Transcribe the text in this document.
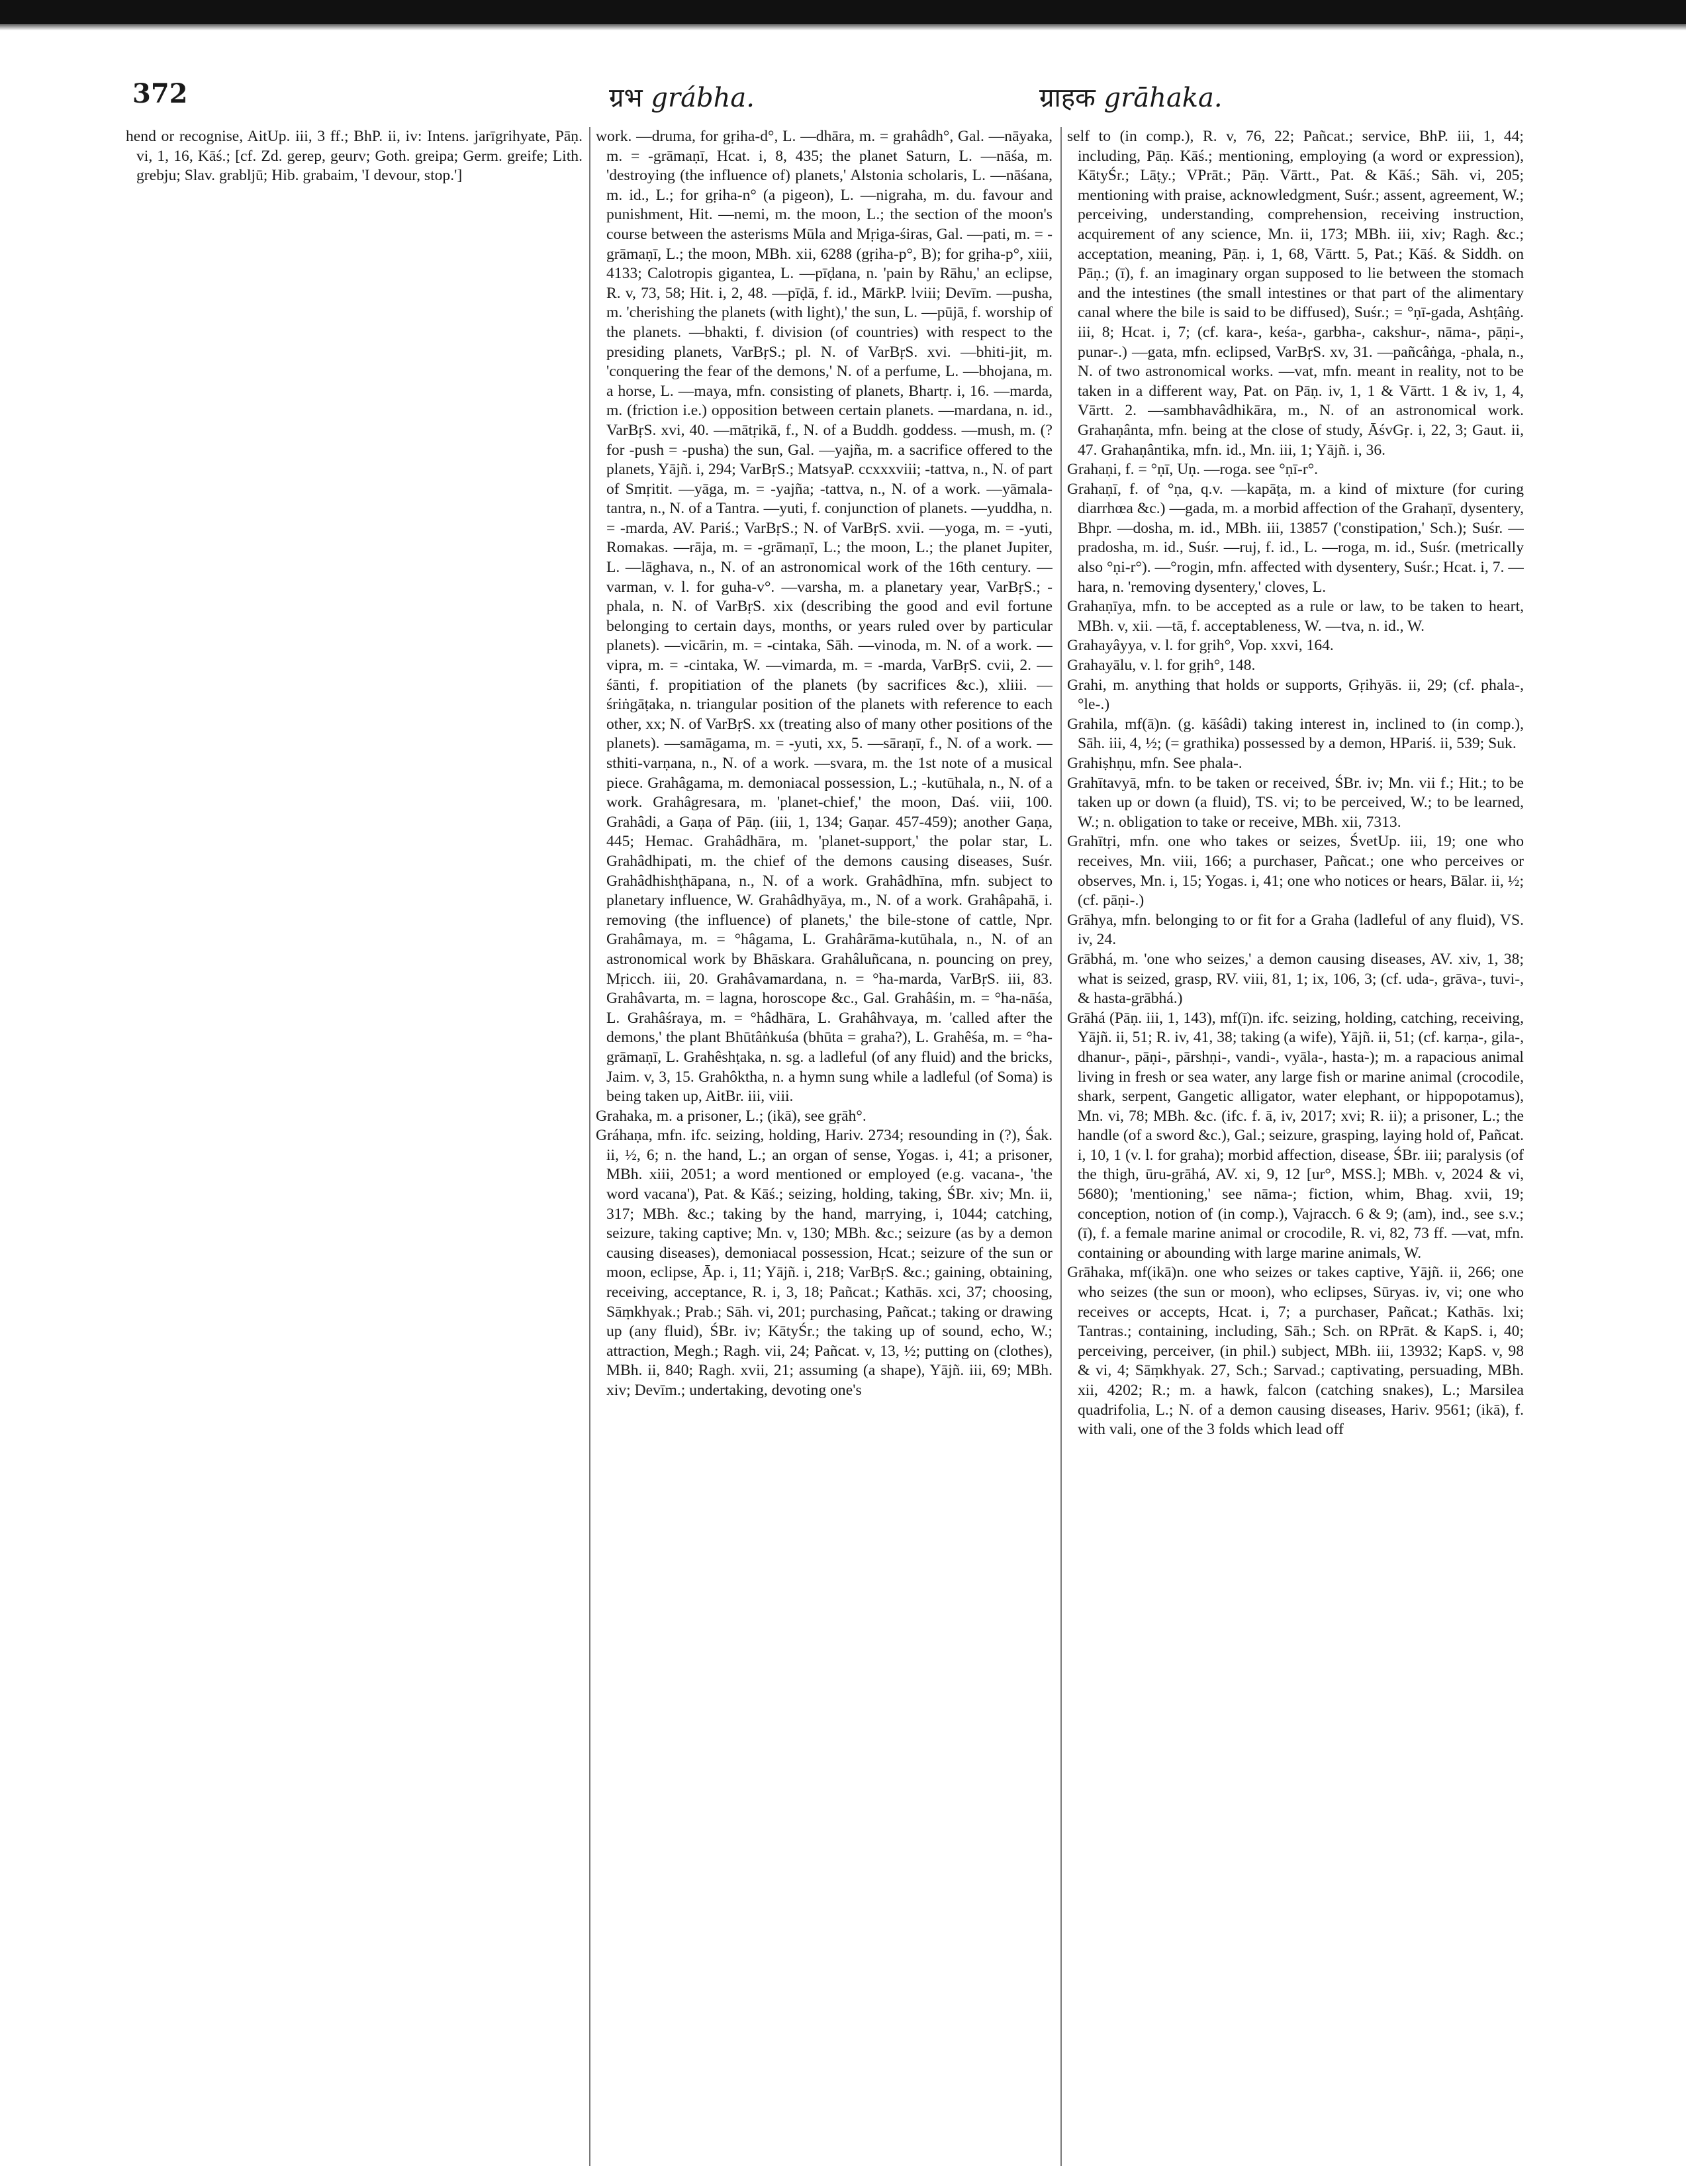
372	ग्रभ grábha.	ग्राहक grāhaka.

hend or recognise, AitUp. iii, 3 ff.; BhP. ii, iv: Intens. jarīgrihyate, Pāṇ. vi, 1, 16, Kāś.; [cf. Zd. gerep, geurv; Goth. greipa; Germ. greife; Lith. grebju; Slav. grabljū; Hib. grabaim, 'I devour, stop.']

work. —druma, for gṛiha-d°, L. —dhāra, m. = grahâdh°, Gal. —nāyaka, m. = -grāmaṇī, Hcat. i, 8, 435; the planet Saturn, L. —nāśa, m. 'destroying (the influence of) planets,' Alstonia scholaris, L. —nāśana, m. id., L.; for gṛiha-n° (a pigeon), L. —nigraha, m. du. favour and punishment, Hit. —nemi, m. the moon, L.; the section of the moon's course between the asterisms Mūla and Mṛiga-śiras, Gal. —pati, m. = -grāmaṇī, L.; the moon, MBh. xii, 6288 (gṛiha-p°, B); for gṛiha-p°, xiii, 4133; Calotropis gigantea, L. —pīḍana, n. 'pain by Rāhu,' an eclipse, R. v, 73, 58; Hit. i, 2, 48. —pīḍā, f. id., MārkP. lviii; Devīm. —pusha, m. 'cherishing the planets (with light),' the sun, L. —pūjā, f. worship of the planets. —bhakti, f. division (of countries) with respect to the presiding planets, VarBṛS.; pl. N. of VarBṛS. xvi. —bhiti-jit, m. 'conquering the fear of the demons,' N. of a perfume, L. —bhojana, m. a horse, L. —maya, mfn. consisting of planets, Bhartṛ. i, 16. —marda, m. (friction i.e.) opposition between certain planets. —mardana, n. id., VarBṛS. xvi, 40. —mātṛikā, f., N. of a Buddh. goddess. —mush, m. (? for -push = -pusha) the sun, Gal. —yajña, m. a sacrifice offered to the planets, Yājñ. i, 294; VarBṛS.; MatsyaP. ccxxxviii; -tattva, n., N. of part of Smṛitit. —yāga, m. = -yajña; -tattva, n., N. of a work. —yāmala-tantra, n., N. of a Tantra. —yuti, f. conjunction of planets. —yuddha, n. = -marda, AV. Pariś.; VarBṛS.; N. of VarBṛS. xvii. —yoga, m. = -yuti, Romakas. —rāja, m. = -grāmaṇī, L.; the moon, L.; the planet Jupiter, L. —lāghava, n., N. of an astronomical work of the 16th century. —varman, v. l. for guha-v°. —varsha, m. a planetary year, VarBṛS.; -phala, n. N. of VarBṛS. xix (describing the good and evil fortune belonging to certain days, months, or years ruled over by particular planets). —vicārin, m. = -cintaka, Sāh. —vinoda, m. N. of a work. —vipra, m. = -cintaka, W. —vimarda, m. = -marda, VarBṛS. cvii, 2. —śānti, f. propitiation of the planets (by sacrifices &c.), xliii. —śriṅgāṭaka, n. triangular position of the planets with reference to each other, xx; N. of VarBṛS. xx (treating also of many other positions of the planets). —samāgama, m. = -yuti, xx, 5. —sāraṇī, f., N. of a work. —sthiti-varṇana, n., N. of a work. —svara, m. the 1st note of a musical piece. Grahâgama, m. demoniacal possession, L.; -kutūhala, n., N. of a work. Grahâgresara, m. 'planet-chief,' the moon, Daś. viii, 100. Grahâdi, a Gaṇa of Pāṇ. (iii, 1, 134; Gaṇar. 457-459); another Gaṇa, 445; Hemac. Grahâdhāra, m. 'planet-support,' the polar star, L. Grahâdhipati, m. the chief of the demons causing diseases, Suśr. Grahâdhishṭhāpana, n., N. of a work. Grahâdhīna, mfn. subject to planetary influence, W. Grahâdhyāya, m., N. of a work. Grahâpahā, i. removing (the influence) of planets,' the bile-stone of cattle, Npr. Grahâmaya, m. = °hâgama, L. Grahârāma-kutūhala, n., N. of an astronomical work by Bhāskara. Grahâluñcana, n. pouncing on prey, Mṛicch. iii, 20. Grahâvamardana, n. = °ha-marda, VarBṛS. iii, 83. Grahâvarta, m. = lagna, horoscope &c., Gal. Grahâśin, m. = °ha-nāśa, L. Grahâśraya, m. = °hâdhāra, L. Grahâhvaya, m. 'called after the demons,' the plant Bhūtâṅkuśa (bhūta = graha?), L. Grahêśa, m. = °ha-grāmaṇī, L. Grahêshṭaka, n. sg. a ladleful (of any fluid) and the bricks, Jaim. v, 3, 15. Grahôktha, n. a hymn sung while a ladleful (of Soma) is being taken up, AitBr. iii, viii.

Grahaka, m. a prisoner, L.; (ikā), see gṛāh°.

Gráhaṇa, mfn. ifc. seizing, holding, Hariv. 2734; resounding in (?), Śak. ii, ½, 6; n. the hand, L.; an organ of sense, Yogas. i, 41; a prisoner, MBh. xiii, 2051; a word mentioned or employed (e.g. vacana-, 'the word vacana'), Pat. & Kāś.; seizing, holding, taking, ŚBr. xiv; Mn. ii, 317; MBh. &c.; taking by the hand, marrying, i, 1044; catching, seizure, taking captive; Mn. v, 130; MBh. &c.; seizure (as by a demon causing diseases), demoniacal possession, Hcat.; seizure of the sun or moon, eclipse, Āp. i, 11; Yājñ. i, 218; VarBṛS. &c.; gaining, obtaining, receiving, acceptance, R. i, 3, 18; Pañcat.; Kathās. xci, 37; choosing, Sāṃkhyak.; Prab.; Sāh. vi, 201; purchasing, Pañcat.; taking or drawing up (any fluid), ŚBr. iv; KātyŚr.; the taking up of sound, echo, W.; attraction, Megh.; Ragh. vii, 24; Pañcat. v, 13, ½; putting on (clothes), MBh. ii, 840; Ragh. xvii, 21; assuming (a shape), Yājñ. iii, 69; MBh. xiv; Devīm.; undertaking, devoting one's

self to (in comp.), R. v, 76, 22; Pañcat.; service, BhP. iii, 1, 44; including, Pāṇ. Kāś.; mentioning, employing (a word or expression), KātyŚr.; Lāṭy.; VPrāt.; Pāṇ. Vārtt., Pat. & Kāś.; Sāh. vi, 205; mentioning with praise, acknowledgment, Suśr.; assent, agreement, W.; perceiving, understanding, comprehension, receiving instruction, acquirement of any science, Mn. ii, 173; MBh. iii, xiv; Ragh. &c.; acceptation, meaning, Pāṇ. i, 1, 68, Vārtt. 5, Pat.; Kāś. & Siddh. on Pāṇ.; (ī), f. an imaginary organ supposed to lie between the stomach and the intestines (the small intestines or that part of the alimentary canal where the bile is said to be diffused), Suśr.; = °ṇī-gada, Ashṭâṅg. iii, 8; Hcat. i, 7; (cf. kara-, keśa-, garbha-, cakshur-, nāma-, pāṇi-, punar-.) —gata, mfn. eclipsed, VarBṛS. xv, 31. —pañcâṅga, -phala, n., N. of two astronomical works. —vat, mfn. meant in reality, not to be taken in a different way, Pat. on Pāṇ. iv, 1, 1 & Vārtt. 1 & iv, 1, 4, Vārtt. 2. —sambhavâdhikāra, m., N. of an astronomical work. Grahaṇânta, mfn. being at the close of study, ĀśvGṛ. i, 22, 3; Gaut. ii, 47. Grahaṇântika, mfn. id., Mn. iii, 1; Yājñ. i, 36.

Grahaṇi, f. = °ṇī, Uṇ. —roga. see °ṇī-r°.

Grahaṇī, f. of °ṇa, q.v. —kapāṭa, m. a kind of mixture (for curing diarrhœa &c.) —gada, m. a morbid affection of the Grahaṇī, dysentery, Bhpr. —dosha, m. id., MBh. iii, 13857 ('constipation,' Sch.); Suśr. —pradosha, m. id., Suśr. —ruj, f. id., L. —roga, m. id., Suśr. (metrically also °ṇi-r°). —°rogin, mfn. affected with dysentery, Suśr.; Hcat. i, 7. —hara, n. 'removing dysentery,' cloves, L.

Grahaṇīya, mfn. to be accepted as a rule or law, to be taken to heart, MBh. v, xii. —tā, f. acceptableness, W. —tva, n. id., W.

Grahayâyya, v. l. for gṛih°, Vop. xxvi, 164.

Grahayālu, v. l. for gṛih°, 148.

Grahi, m. anything that holds or supports, Gṛihyās. ii, 29; (cf. phala-, °le-.)

Grahila, mf(ā)n. (g. kāśâdi) taking interest in, inclined to (in comp.), Sāh. iii, 4, ½; (= grathika) possessed by a demon, HPariś. ii, 539; Suk.

Grahiṣhṇu, mfn. See phala-.

Grahītavyā, mfn. to be taken or received, ŚBr. iv; Mn. vii f.; Hit.; to be taken up or down (a fluid), TS. vi; to be perceived, W.; to be learned, W.; n. obligation to take or receive, MBh. xii, 7313.

Grahītṛi, mfn. one who takes or seizes, ŚvetUp. iii, 19; one who receives, Mn. viii, 166; a purchaser, Pañcat.; one who perceives or observes, Mn. i, 15; Yogas. i, 41; one who notices or hears, Bālar. ii, ½; (cf. pāṇi-.)

Grāhya, mfn. belonging to or fit for a Graha (ladleful of any fluid), VS. iv, 24.

Grābhá, m. 'one who seizes,' a demon causing diseases, AV. xiv, 1, 38; what is seized, grasp, RV. viii, 81, 1; ix, 106, 3; (cf. uda-, grāva-, tuvi-, & hasta-grābhá.)

Grāhá (Pāṇ. iii, 1, 143), mf(ī)n. ifc. seizing, holding, catching, receiving, Yājñ. ii, 51; R. iv, 41, 38; taking (a wife), Yājñ. ii, 51; (cf. karṇa-, gila-, dhanur-, pāṇi-, pārshṇi-, vandi-, vyāla-, hasta-); m. a rapacious animal living in fresh or sea water, any large fish or marine animal (crocodile, shark, serpent, Gangetic alligator, water elephant, or hippopotamus), Mn. vi, 78; MBh. &c. (ifc. f. ā, iv, 2017; xvi; R. ii); a prisoner, L.; the handle (of a sword &c.), Gal.; seizure, grasping, laying hold of, Pañcat. i, 10, 1 (v. l. for graha); morbid affection, disease, ŚBr. iii; paralysis (of the thigh, ūru-grāhá, AV. xi, 9, 12 [ur°, MSS.]; MBh. v, 2024 & vi, 5680); 'mentioning,' see nāma-; fiction, whim, Bhag. xvii, 19; conception, notion of (in comp.), Vajracch. 6 & 9; (am), ind., see s.v.; (ī), f. a female marine animal or crocodile, R. vi, 82, 73 ff. —vat, mfn. containing or abounding with large marine animals, W.

Grāhaka, mf(ikā)n. one who seizes or takes captive, Yājñ. ii, 266; one who seizes (the sun or moon), who eclipses, Sūryas. iv, vi; one who receives or accepts, Hcat. i, 7; a purchaser, Pañcat.; Kathās. lxi; Tantras.; containing, including, Sāh.; Sch. on RPrāt. & KapS. i, 40; perceiving, perceiver, (in phil.) subject, MBh. iii, 13932; KapS. v, 98 & vi, 4; Sāṃkhyak. 27, Sch.; Sarvad.; captivating, persuading, MBh. xii, 4202; R.; m. a hawk, falcon (catching snakes), L.; Marsilea quadrifolia, L.; N. of a demon causing diseases, Hariv. 9561; (ikā), f. with vali, one of the 3 folds which lead off
